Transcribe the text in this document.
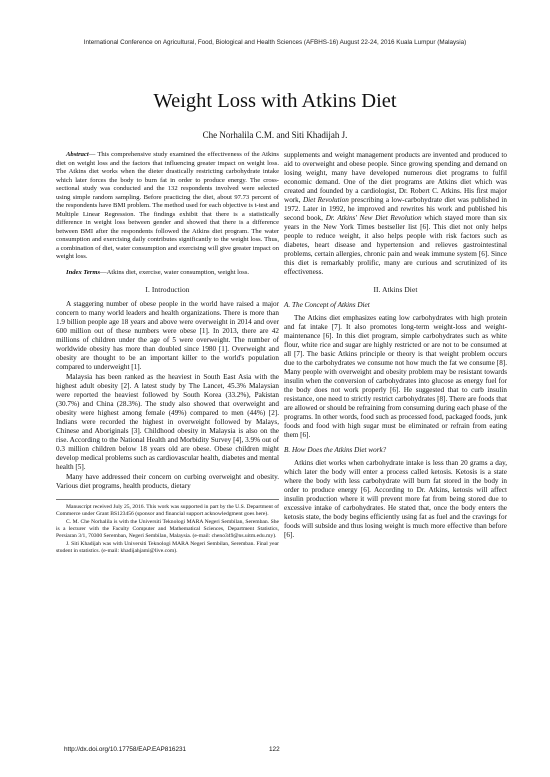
International Conference on Agricultural, Food, Biological and Health Sciences (AFBHS-16) August 22-24, 2016 Kuala Lumpur (Malaysia)
Weight Loss with Atkins Diet
Che Norhalila C.M. and Siti Khadijah J.

Abstract— This comprehensive study examined the effectiveness of the Atkins diet on weight loss and the factors that influencing greater impact on weight loss. The Atkins diet works when the dieter drastically restricting carbohydrate intake which later forces the body to burn fat in order to produce energy. The cross-sectional study was conducted and the 132 respondents involved were selected using simple random sampling. Before practicing the diet, about 97.73 percent of the respondents have BMI problem. The method used for each objective is t-test and Multiple Linear Regression. The findings exhibit that there is a statistically difference in weight loss between gender and showed that there is a difference between BMI after the respondents followed the Atkins diet program. The water consumption and exercising daily contributes significantly to the weight loss. Thus, a combination of diet, water consumption and exercising will give greater impact on weight loss.

Index Terms—Atkins diet, exercise, water consumption, weight loss.

I. Introduction

A staggering number of obese people in the world have raised a major concern to many world leaders and health organizations. There is more than 1.9 billion people age 18 years and above were overweight in 2014 and over 600 million out of these numbers were obese [1]. In 2013, there are 42 millions of children under the age of 5 were overweight. The number of worldwide obesity has more than doubled since 1980 [1]. Overweight and obesity are thought to be an important killer to the world's population compared to underweight [1].

Malaysia has been ranked as the heaviest in South East Asia with the highest adult obesity [2]. A latest study by The Lancet, 45.3% Malaysian were reported the heaviest followed by South Korea (33.2%), Pakistan (30.7%) and China (28.3%). The study also showed that overweight and obesity were highest among female (49%) compared to men (44%) [2]. Indians were recorded the highest in overweight followed by Malays, Chinese and Aboriginals [3]. Childhood obesity in Malaysia is also on the rise. According to the National Health and Morbidity Survey [4], 3.9% out of 0.3 million children below 18 years old are obese. Obese children might develop medical problems such as cardiovascular health, diabetes and mental health [5].

Many have addressed their concern on curbing overweight and obesity. Various diet programs, health products, dietary

Manuscript received July 25, 2016. This work was supported in part by the U.S. Department of Commerce under Grant BS123456 (sponsor and financial support acknowledgment goes here).

C. M. Che Norhalila is with the Universiti Teknologi MARA Negeri Sembilan, Seremban. She is a lecturer with the Faculty Computer and Mathematical Sciences, Department Statistics, Persiaran 3/1, 70300 Seremban, Negeri Sembilan, Malaysia. (e-mail: cheno349@ns.uitm.edu.my).

J. Siti Khadijah was with Universiti Teknologi MARA Negeri Sembilan, Seremban. Final year student in statistics. (e-mail: khadijahjami@live.com).

supplements and weight management products are invented and produced to aid to overweight and obese people. Since growing spending and demand on losing weight, many have developed numerous diet programs to fulfil economic demand. One of the diet programs are Atkins diet which was created and founded by a cardiologist, Dr. Robert C. Atkins. His first major work, Diet Revolution prescribing a low-carbohydrate diet was published in 1972. Later in 1992, he improved and rewrites his work and published his second book, Dr. Atkins' New Diet Revolution which stayed more than six years in the New York Times bestseller list [6]. This diet not only helps people to reduce weight, it also helps people with risk factors such as diabetes, heart disease and hypertension and relieves gastrointestinal problems, certain allergies, chronic pain and weak immune system [6]. Since this diet is remarkably prolific, many are curious and scrutinized of its effectiveness.

II. Atkins Diet
A. The Concept of Atkins Diet

The Atkins diet emphasizes eating low carbohydrates with high protein and fat intake [7]. It also promotes long-term weight-loss and weight-maintenance [6]. In this diet program, simple carbohydrates such as white flour, white rice and sugar are highly restricted or are not to be consumed at all [7]. The basic Atkins principle or theory is that weight problem occurs due to the carbohydrates we consume not how much the fat we consume [8]. Many people with overweight and obesity problem may be resistant towards insulin when the conversion of carbohydrates into glucose as energy fuel for the body does not work properly [6]. He suggested that to curb insulin resistance, one need to strictly restrict carbohydrates [8]. There are foods that are allowed or should be refraining from consuming during each phase of the programs. In other words, food such as processed food, packaged foods, junk foods and food with high sugar must be eliminated or refrain from eating them [6].

B. How Does the Atkins Diet work?

Atkins diet works when carbohydrate intake is less than 20 grams a day, which later the body will enter a process called ketosis. Ketosis is a state where the body with less carbohydrate will burn fat stored in the body in order to produce energy [6]. According to Dr. Atkins, ketosis will affect insulin production where it will prevent more fat from being stored due to excessive intake of carbohydrates. He stated that, once the body enters the ketosis state, the body begins efficiently using fat as fuel and the cravings for foods will subside and thus losing weight is much more effective than before [6].

http://dx.doi.org/10.17758/EAP.EAP816231	122
